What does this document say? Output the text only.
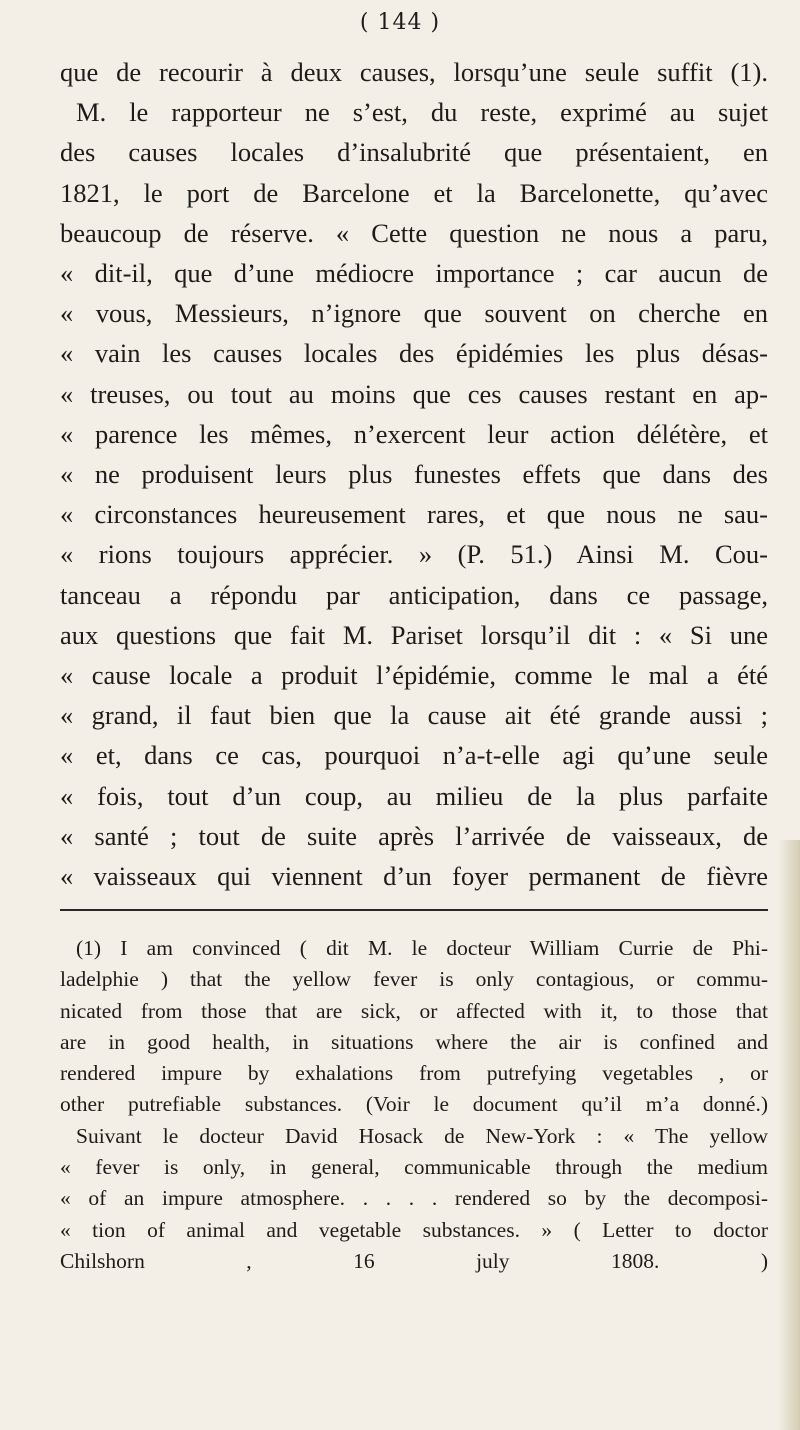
( 144 )
que de recourir à deux causes, lorsqu’une seule suffit (1).
M. le rapporteur ne s’est, du reste, exprimé au sujet
des causes locales d’insalubrité que présentaient, en
1821, le port de Barcelone et la Barcelonette, qu’avec
beaucoup de réserve. « Cette question ne nous a paru,
« dit-il, que d’une médiocre importance ; car aucun de
« vous, Messieurs, n’ignore que souvent on cherche en
« vain les causes locales des épidémies les plus désas-
« treuses, ou tout au moins que ces causes restant en ap-
« parence les mêmes, n’exercent leur action délétère, et
« ne produisent leurs plus funestes effets que dans des
« circonstances heureusement rares, et que nous ne sau-
« rions toujours apprécier. » (P. 51.) Ainsi M. Cou-
tanceau a répondu par anticipation, dans ce passage,
aux questions que fait M. Pariset lorsqu’il dit : « Si une
« cause locale a produit l’épidémie, comme le mal a été
« grand, il faut bien que la cause ait été grande aussi ;
« et, dans ce cas, pourquoi n’a-t-elle agi qu’une seule
« fois, tout d’un coup, au milieu de la plus parfaite
« santé ; tout de suite après l’arrivée de vaisseaux, de
« vaisseaux qui viennent d’un foyer permanent de fièvre
(1) I am convinced ( dit M. le docteur William Currie de Phi-
ladelphie ) that the yellow fever is only contagious, or commu-
nicated from those that are sick, or affected with it, to those that
are in good health, in situations where the air is confined and
rendered impure by exhalations from putrefying vegetables , or
other putrefiable substances. (Voir le document qu’il m’a donné.)
Suivant le docteur David Hosack de New-York : « The yellow
« fever is only, in general, communicable through the medium
« of an impure atmosphere. . . . . rendered so by the decomposi-
« tion of animal and vegetable substances. » ( Letter to doctor
Chilshorn , 16 july 1808. )
